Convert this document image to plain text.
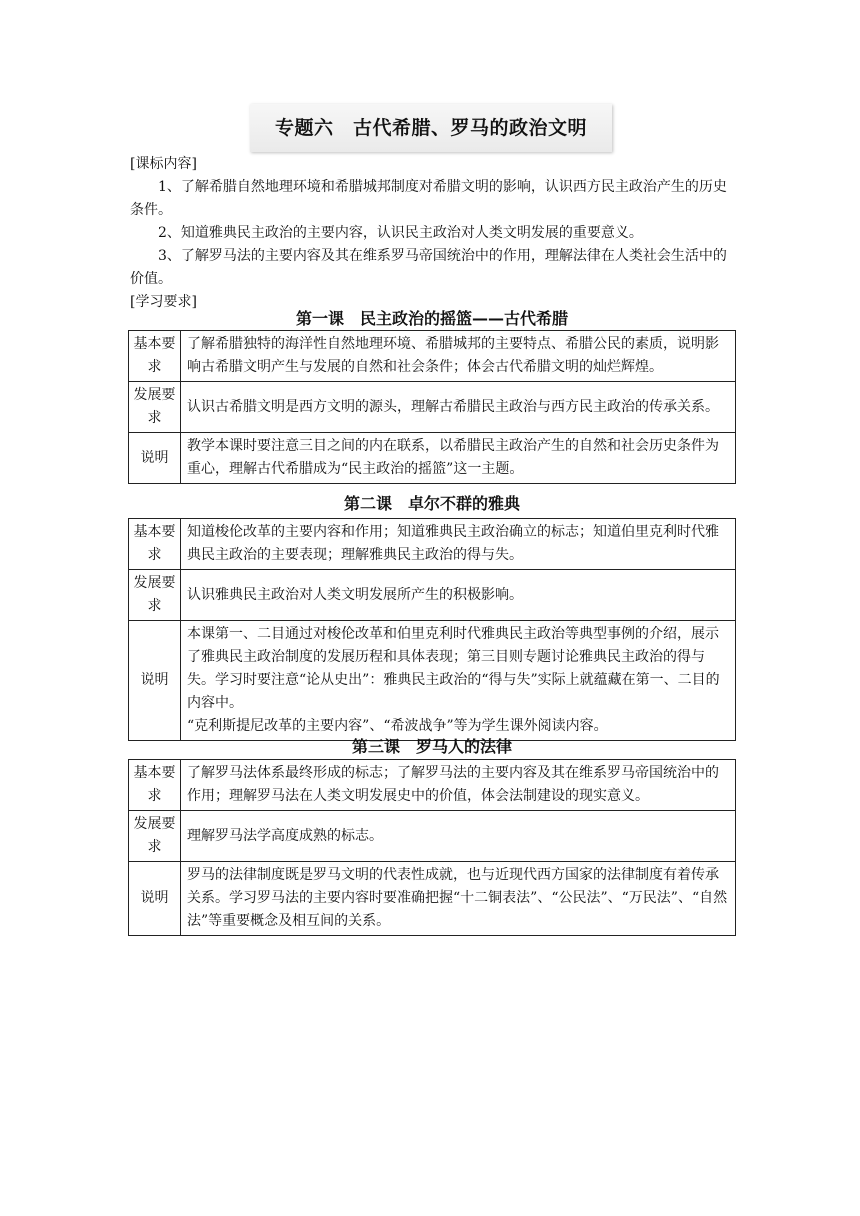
专题六　古代希腊、罗马的政治文明
[课标内容]

1、了解希腊自然地理环境和希腊城邦制度对希腊文明的影响，认识西方民主政治产生的历史条件。

2、知道雅典民主政治的主要内容，认识民主政治对人类文明发展的重要意义。

3、了解罗马法的主要内容及其在维系罗马帝国统治中的作用，理解法律在人类社会生活中的价值。

[学习要求]
第一课　民主政治的摇篮——古代希腊
基本要求	了解希腊独特的海洋性自然地理环境、希腊城邦的主要特点、希腊公民的素质，说明影响古希腊文明产生与发展的自然和社会条件；体会古代希腊文明的灿烂辉煌。
发展要求	认识古希腊文明是西方文明的源头，理解古希腊民主政治与西方民主政治的传承关系。
说明	教学本课时要注意三目之间的内在联系，以希腊民主政治产生的自然和社会历史条件为重心，理解古代希腊成为“民主政治的摇篮”这一主题。
第二课　卓尔不群的雅典
基本要求	知道梭伦改革的主要内容和作用；知道雅典民主政治确立的标志；知道伯里克利时代雅典民主政治的主要表现；理解雅典民主政治的得与失。
发展要求	认识雅典民主政治对人类文明发展所产生的积极影响。
说明	本课第一、二目通过对梭伦改革和伯里克利时代雅典民主政治等典型事例的介绍，展示了雅典民主政治制度的发展历程和具体表现；第三目则专题讨论雅典民主政治的得与失。学习时要注意“论从史出”：雅典民主政治的“得与失”实际上就蕴藏在第一、二目的内容中。
“克利斯提尼改革的主要内容”、“希波战争”等为学生课外阅读内容。
第三课　罗马人的法律
基本要求	了解罗马法体系最终形成的标志；了解罗马法的主要内容及其在维系罗马帝国统治中的作用；理解罗马法在人类文明发展史中的价值，体会法制建设的现实意义。
发展要求	理解罗马法学高度成熟的标志。
说明	罗马的法律制度既是罗马文明的代表性成就，也与近现代西方国家的法律制度有着传承关系。学习罗马法的主要内容时要准确把握“十二铜表法”、“公民法”、“万民法”、“自然法”等重要概念及相互间的关系。
